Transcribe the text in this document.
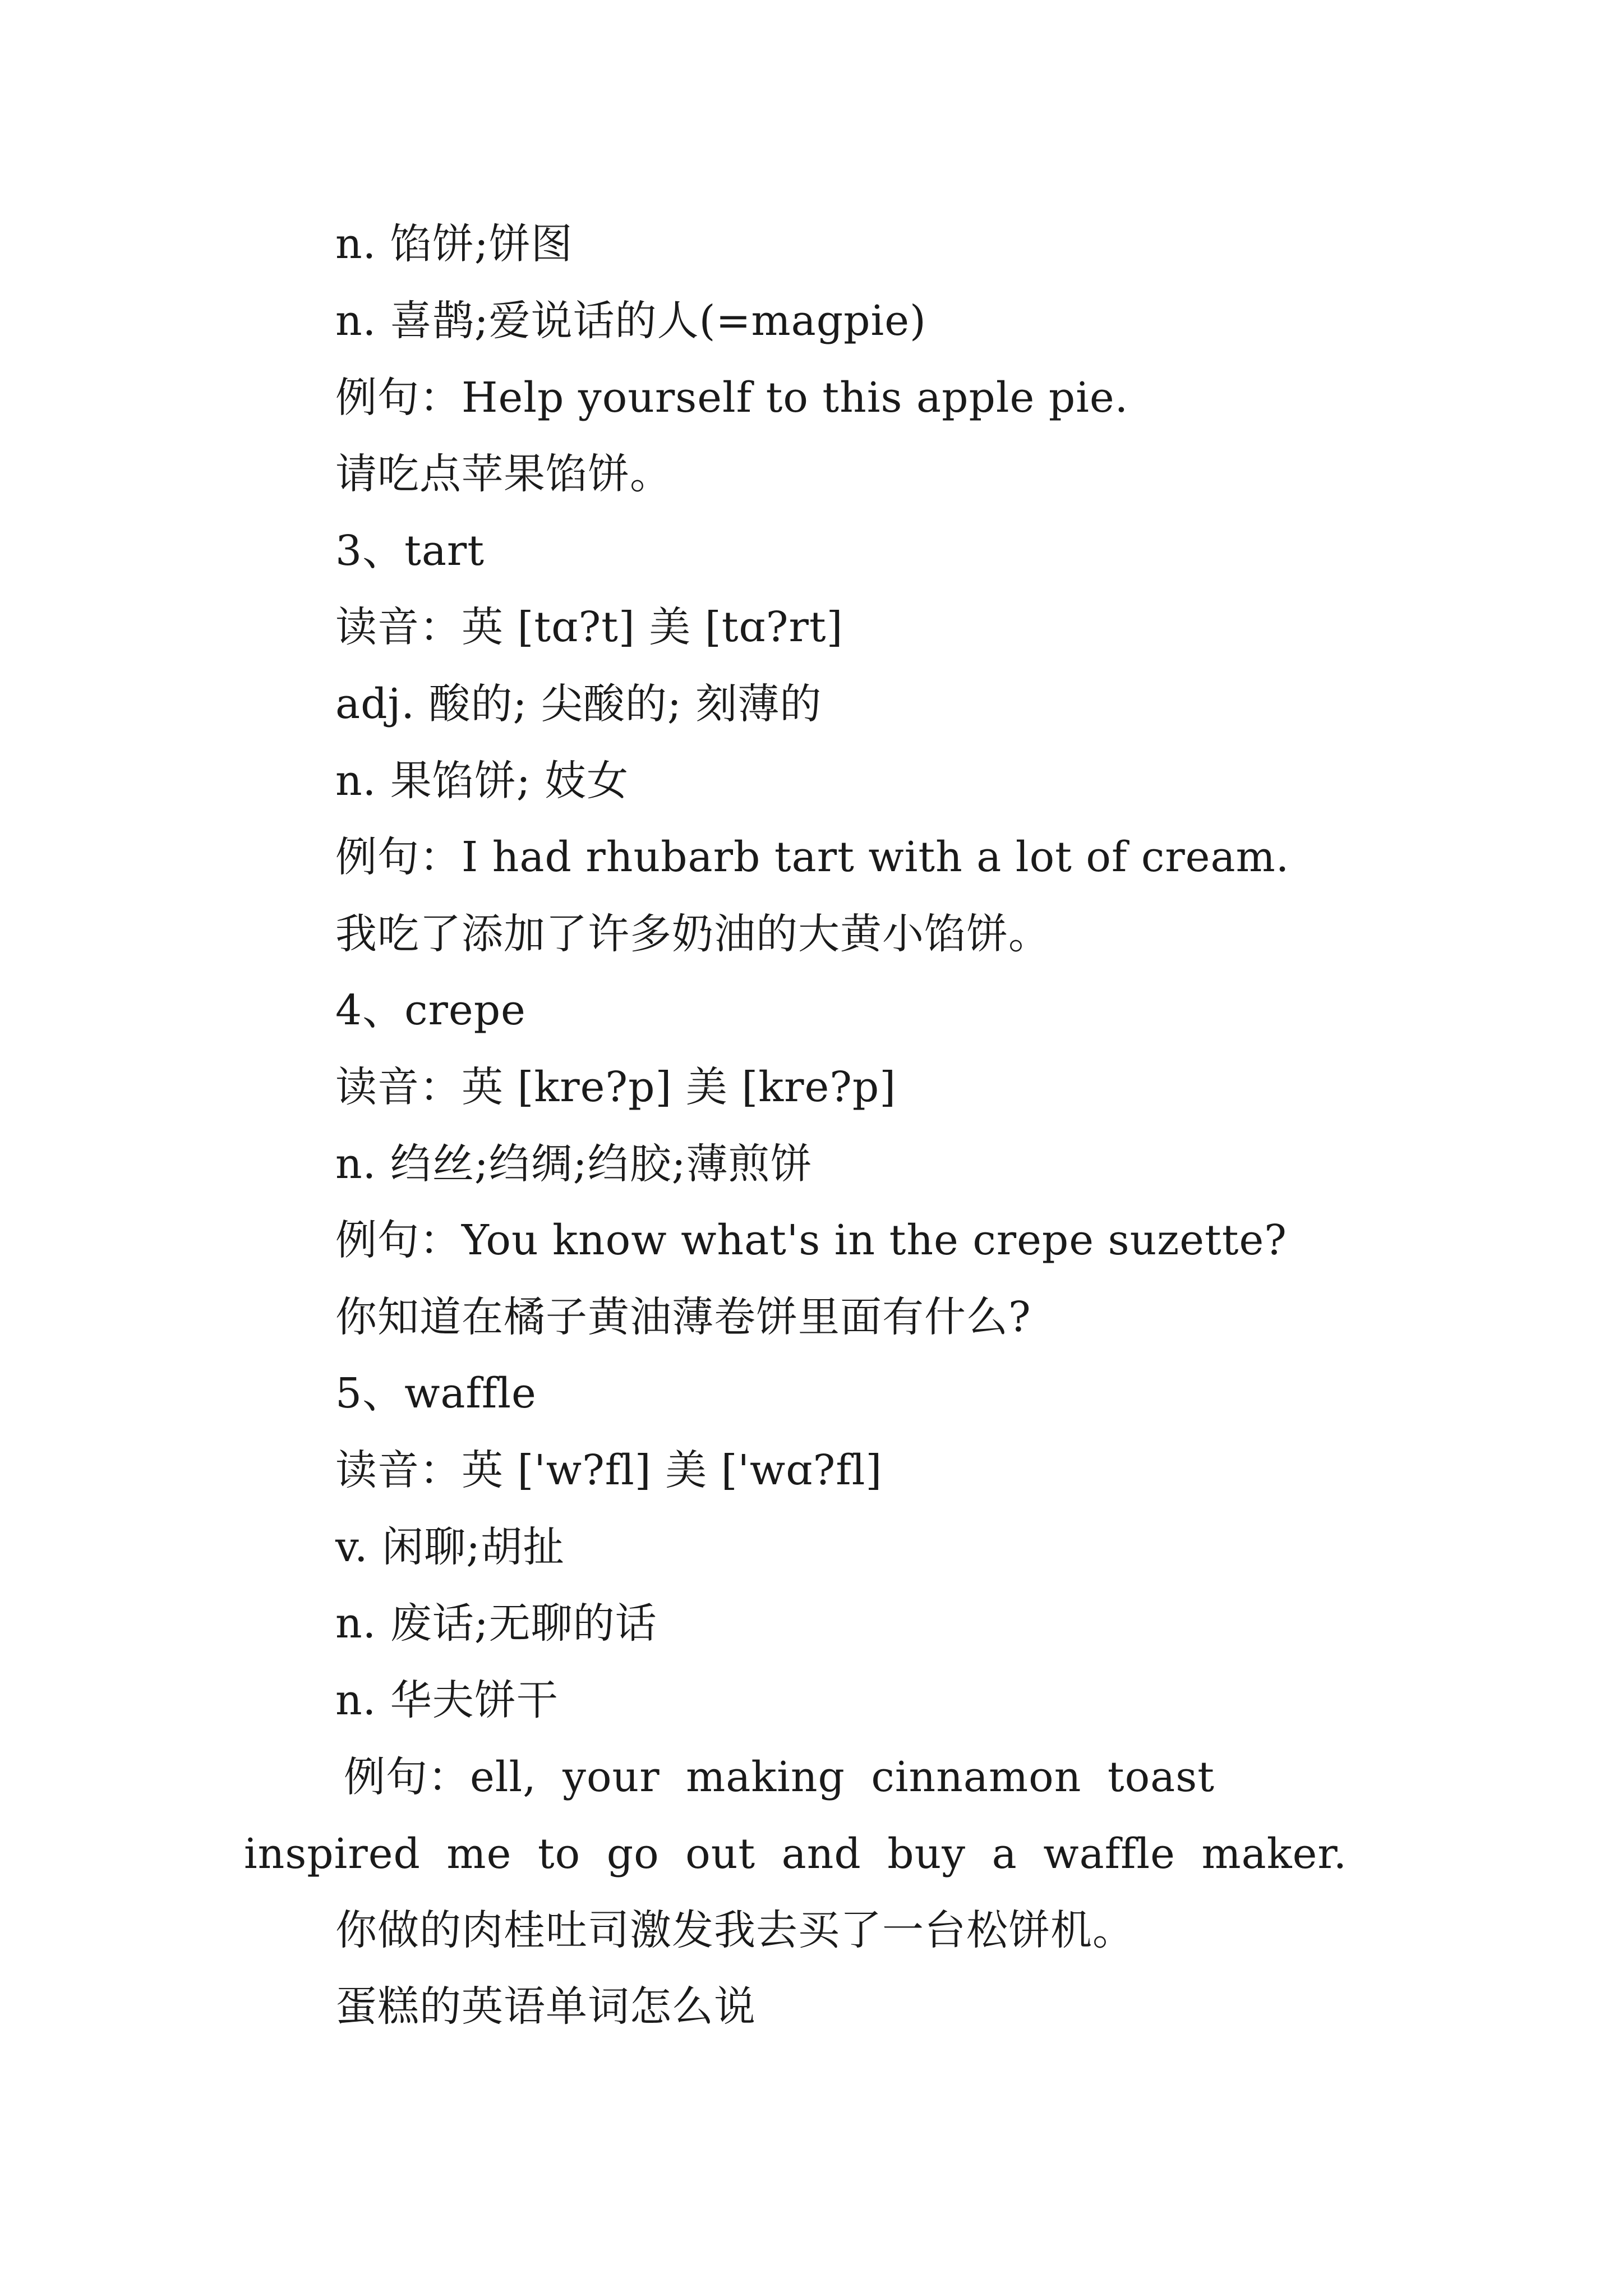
n. 馅饼;饼图

n. 喜鹊;爱说话的人(=magpie)

例句：Help yourself to this apple pie.

请吃点苹果馅饼。

3、tart

读音：英 [tɑ?t] 美 [tɑ?rt]

adj. 酸的; 尖酸的; 刻薄的

n. 果馅饼; 妓女

例句：I had rhubarb tart with a lot of cream.

我吃了添加了许多奶油的大黄小馅饼。

4、crepe

读音：英 [kre?p] 美 [kre?p]

n. 绉丝;绉绸;绉胶;薄煎饼

例句：You know what's in the crepe suzette?

你知道在橘子黄油薄卷饼里面有什么?

5、waffle

读音：英 ['w?fl] 美 ['wɑ?fl]

v. 闲聊;胡扯

n. 废话;无聊的话

n. 华夫饼干

例句：ell, your making cinnamon toast inspired me to go out and buy a waffle maker.

你做的肉桂吐司激发我去买了一台松饼机。

蛋糕的英语单词怎么说
